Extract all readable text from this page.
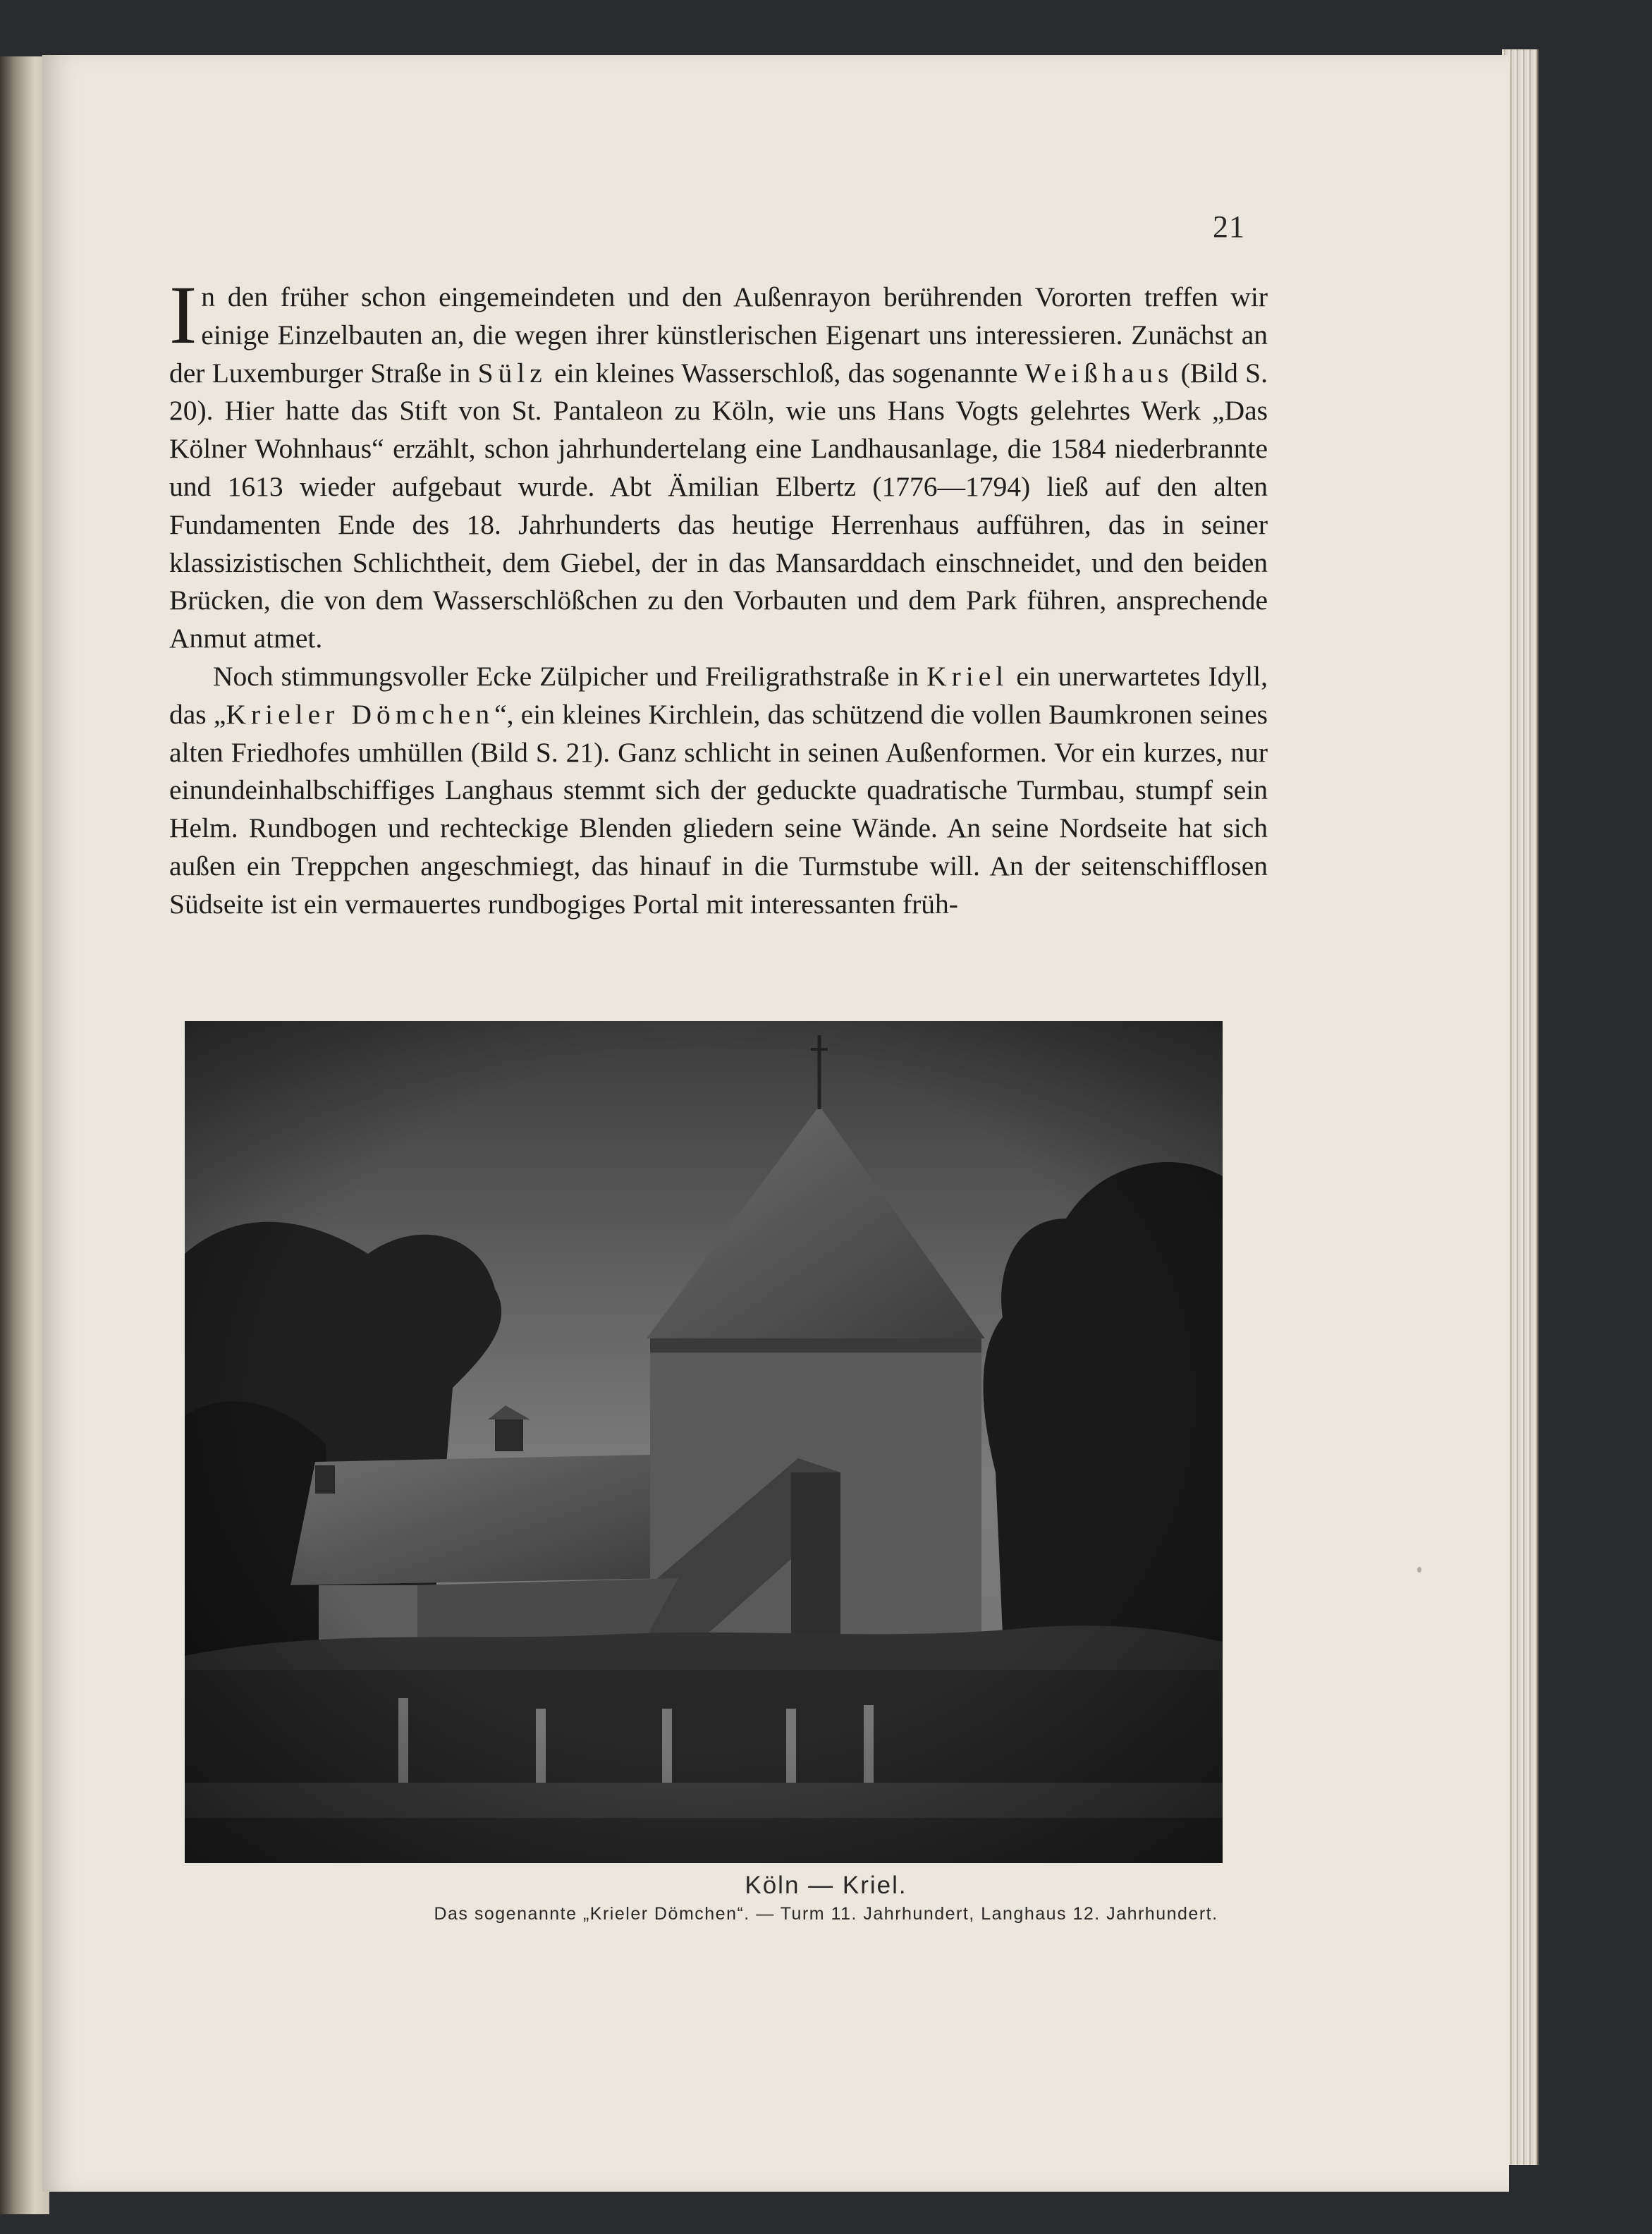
21

In den früher schon eingemeindeten und den Außenrayon berührenden Vororten treffen wir einige Einzelbauten an, die wegen ihrer künstlerischen Eigenart uns interessieren. Zunächst an der Luxemburger Straße in Sülz ein kleines Wasserschloß, das sogenannte Weißhaus (Bild S. 20). Hier hatte das Stift von St. Pantaleon zu Köln, wie uns Hans Vogts gelehrtes Werk „Das Kölner Wohnhaus“ erzählt, schon jahrhundertelang eine Landhausanlage, die 1584 niederbrannte und 1613 wieder aufgebaut wurde. Abt Ämilian Elbertz (1776—1794) ließ auf den alten Fundamenten Ende des 18. Jahrhunderts das heutige Herrenhaus aufführen, das in seiner klassizistischen Schlichtheit, dem Giebel, der in das Mansarddach einschneidet, und den beiden Brücken, die von dem Wasserschlößchen zu den Vorbauten und dem Park führen, ansprechende Anmut atmet.

Noch stimmungsvoller Ecke Zülpicher und Freiligrathstraße in Kriel ein unerwartetes Idyll, das „Krieler Dömchen“, ein kleines Kirchlein, das schützend die vollen Baumkronen seines alten Friedhofes umhüllen (Bild S. 21). Ganz schlicht in seinen Außenformen. Vor ein kurzes, nur einundeinhalbschiffiges Langhaus stemmt sich der geduckte quadratische Turmbau, stumpf sein Helm. Rundbogen und rechteckige Blenden gliedern seine Wände. An seine Nordseite hat sich außen ein Treppchen angeschmiegt, das hinauf in die Turmstube will. An der seitenschifflosen Südseite ist ein vermauertes rundbogiges Portal mit interessanten früh-

Köln — Kriel.
Das sogenannte „Krieler Dömchen“. — Turm 11. Jahrhundert, Langhaus 12. Jahrhundert.
